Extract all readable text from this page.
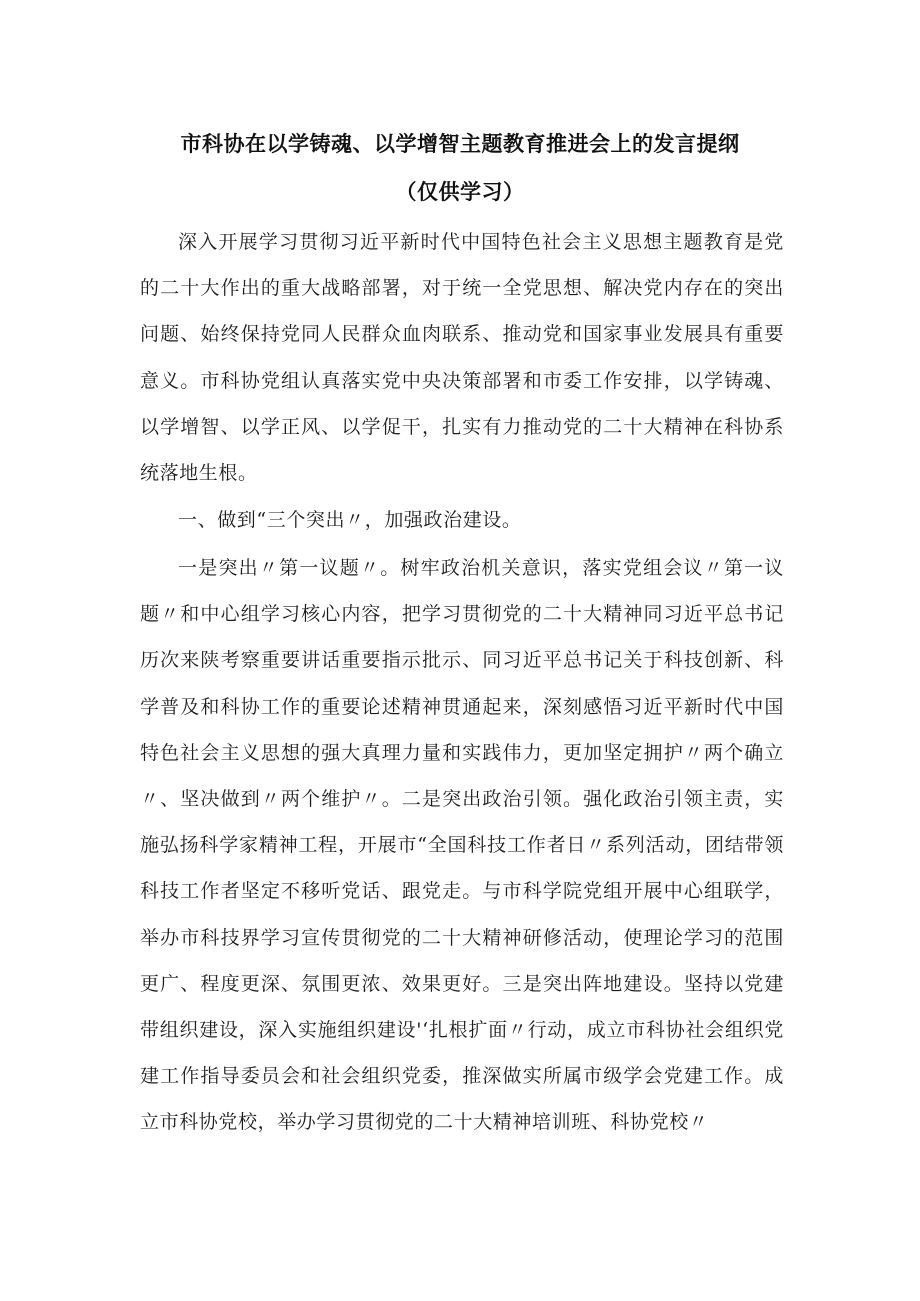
市科协在以学铸魂、以学增智主题教育推进会上的发言提纲
（仅供学习）

深入开展学习贯彻习近平新时代中国特色社会主义思想主题教育是党的二十大作出的重大战略部署，对于统一全党思想、解决党内存在的突出问题、始终保持党同人民群众血肉联系、推动党和国家事业发展具有重要意义。市科协党组认真落实党中央决策部署和市委工作安排，以学铸魂、以学增智、以学正风、以学促干，扎实有力推动党的二十大精神在科协系统落地生根。

一、做到“三个突出〃，加强政治建设。

一是突出〃第一议题〃。树牢政治机关意识，落实党组会议〃第一议题〃和中心组学习核心内容，把学习贯彻党的二十大精神同习近平总书记历次来陕考察重要讲话重要指示批示、同习近平总书记关于科技创新、科学普及和科协工作的重要论述精神贯通起来，深刻感悟习近平新时代中国特色社会主义思想的强大真理力量和实践伟力，更加坚定拥护〃两个确立〃、坚决做到〃两个维护〃。二是突出政治引领。强化政治引领主责，实施弘扬科学家精神工程，开展市“全国科技工作者日〃系列活动，团结带领科技工作者坚定不移听党话、跟党走。与市科学院党组开展中心组联学，举办市科技界学习宣传贯彻党的二十大精神研修活动，使理论学习的范围更广、程度更深、氛围更浓、效果更好。三是突出阵地建设。坚持以党建带组织建设，深入实施组织建设'‘扎根扩面〃行动，成立市科协社会组织党建工作指导委员会和社会组织党委，推深做实所属市级学会党建工作。成立市科协党校，举办学习贯彻党的二十大精神培训班、科协党校〃
